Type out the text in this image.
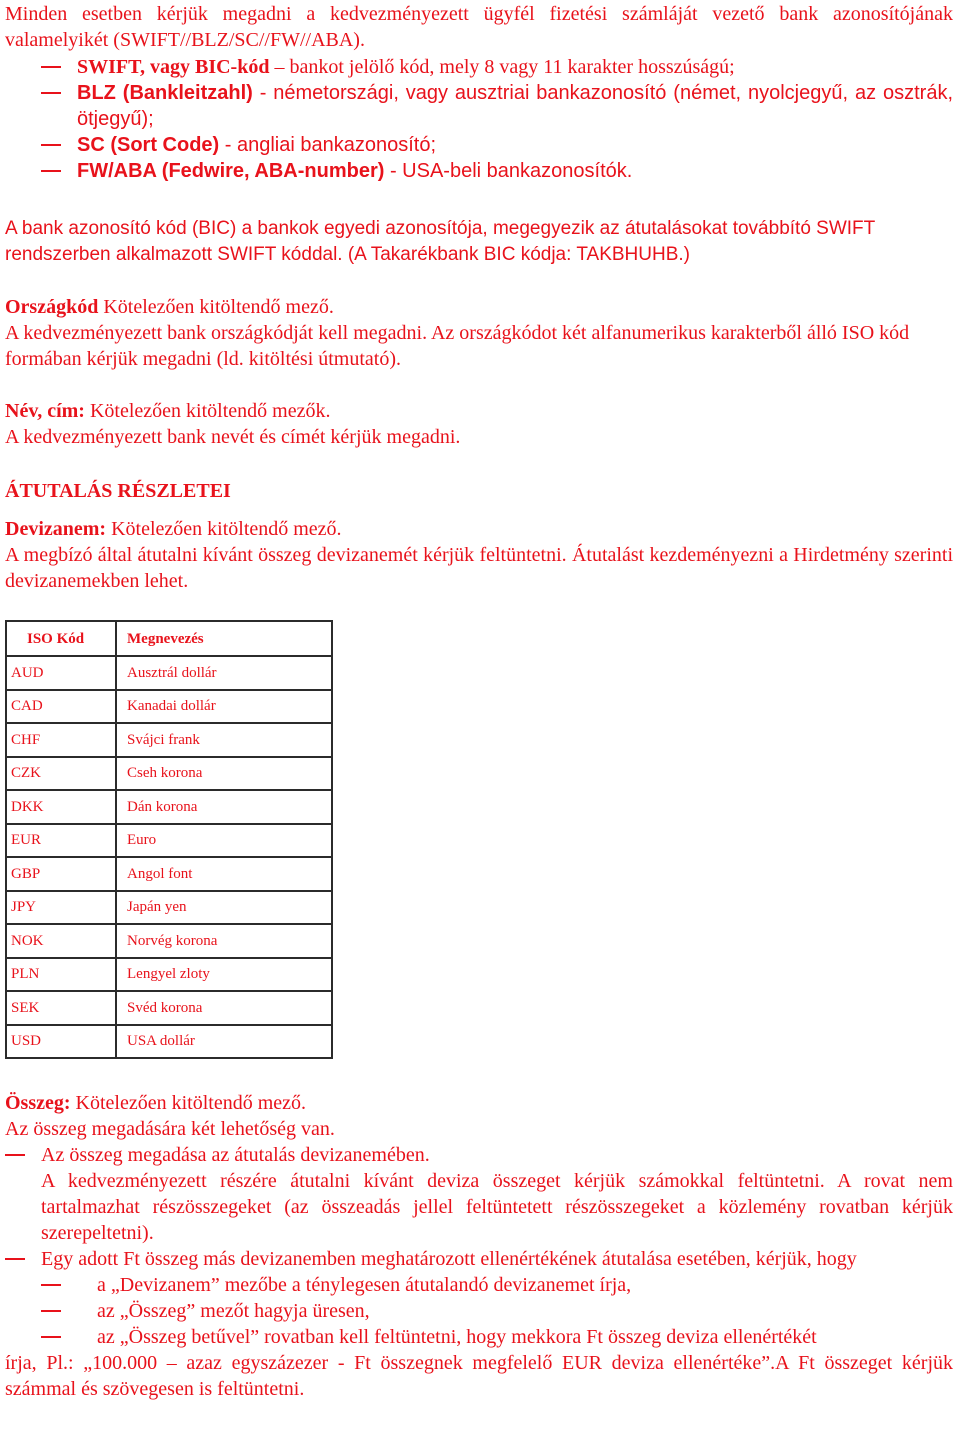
Minden esetben kérjük megadni a kedvezményezett ügyfél fizetési számláját vezető bank azonosítójának valamelyikét (SWIFT//BLZ/SC//FW//ABA).

SWIFT, vagy BIC-kód – bankot jelölő kód, mely 8 vagy 11 karakter hosszúságú;
BLZ (Bankleitzahl) - németországi, vagy ausztriai bankazonosító (német, nyolcjegyű, az osztrák, ötjegyű);
SC (Sort Code) - angliai bankazonosító;
FW/ABA (Fedwire, ABA-number) - USA-beli bankazonosítók.

A bank azonosító kód (BIC) a bankok egyedi azonosítója, megegyezik az átutalásokat továbbító SWIFT rendszerben alkalmazott SWIFT kóddal. (A Takarékbank BIC kódja: TAKBHUHB.)

Országkód Kötelezően kitöltendő mező.

A kedvezményezett bank országkódját kell megadni. Az országkódot két alfanumerikus karakterből álló ISO kód formában kérjük megadni (ld. kitöltési útmutató).

Név, cím: Kötelezően kitöltendő mezők.

A kedvezményezett bank nevét és címét kérjük megadni.

ÁTUTALÁS RÉSZLETEI

Devizanem: Kötelezően kitöltendő mező.

A megbízó által átutalni kívánt összeg devizanemét kérjük feltüntetni. Átutalást kezdeményezni a Hirdetmény szerinti devizanemekben lehet.

ISO Kód	Megnevezés
AUD	Ausztrál dollár
CAD	Kanadai dollár
CHF	Svájci frank
CZK	Cseh korona
DKK	Dán korona
EUR	Euro
GBP	Angol font
JPY	Japán yen
NOK	Norvég korona
PLN	Lengyel zloty
SEK	Svéd korona
USD	USA dollár

Összeg: Kötelezően kitöltendő mező.

Az összeg megadására két lehetőség van.

Az összeg megadása az átutalás devizanemében.
A kedvezményezett részére átutalni kívánt deviza összeget kérjük számokkal feltüntetni. A rovat nem tartalmazhat részösszegeket (az összeadás jellel feltüntetett részösszegeket a közlemény rovatban kérjük szerepeltetni).
Egy adott Ft összeg más devizanemben meghatározott ellenértékének átutalása esetében, kérjük, hogy
a „Devizanem” mezőbe a ténylegesen átutalandó devizanemet írja,
az „Összeg” mezőt hagyja üresen,
az „Összeg betűvel” rovatban kell feltüntetni, hogy mekkora Ft összeg deviza ellenértékét

írja, Pl.: „100.000 – azaz egyszázezer - Ft összegnek megfelelő EUR deviza ellenértéke”.A Ft összeget kérjük számmal és szövegesen is feltüntetni.
